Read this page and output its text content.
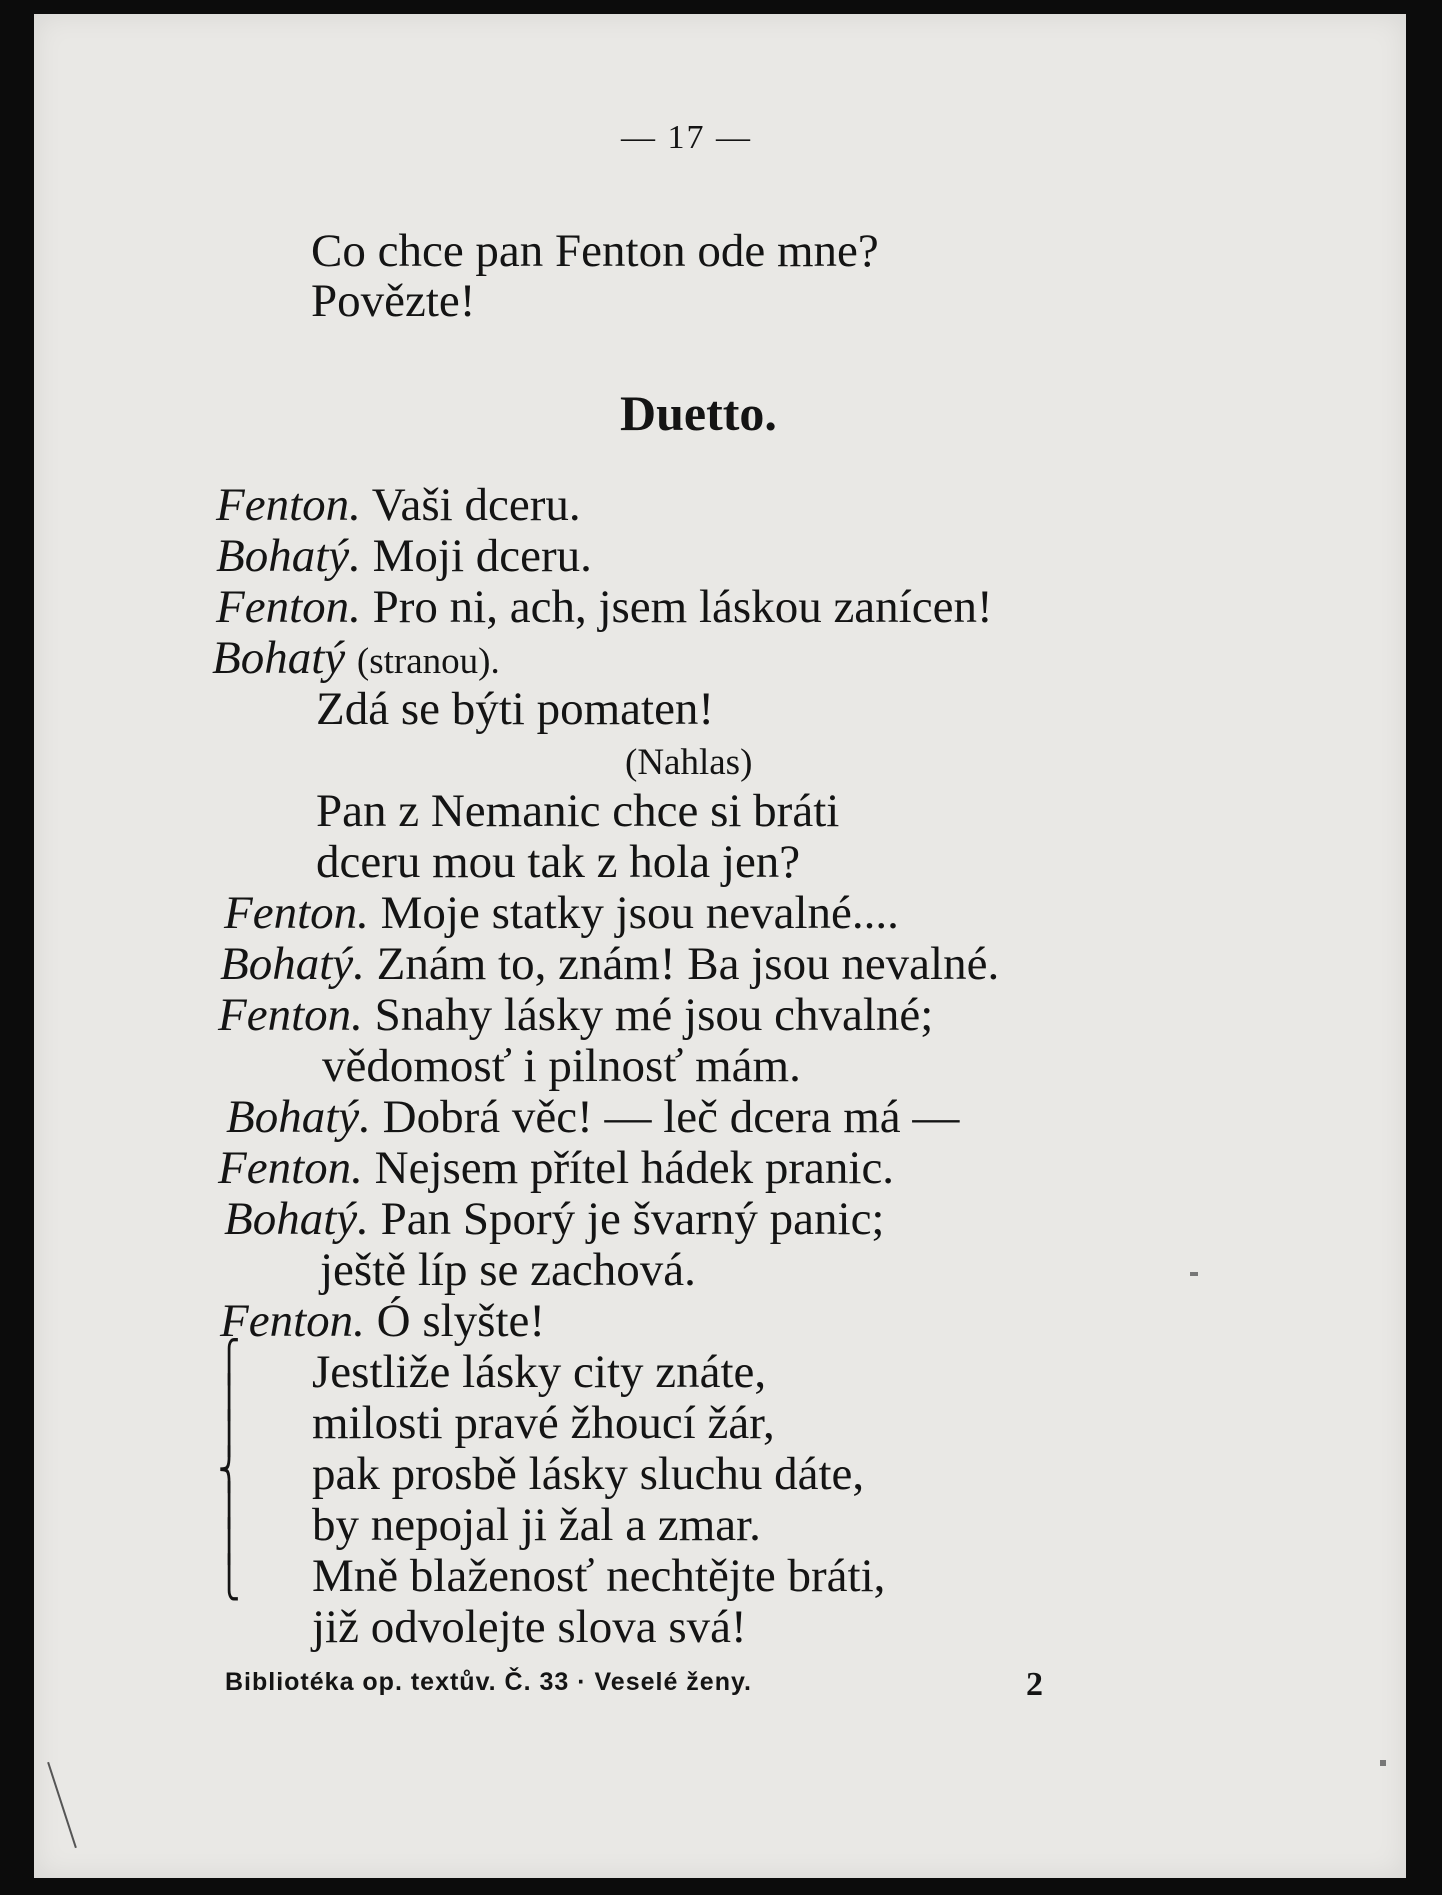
— 17 —
Co chce pan Fenton ode mne?
Povězte!
Duetto.
Fenton. Vaši dceru.
Bohatý. Moji dceru.
Fenton. Pro ni, ach, jsem láskou zanícen!
Bohatý (stranou).
Zdá se býti pomaten!
(Nahlas)
Pan z Nemanic chce si bráti
dceru mou tak z hola jen?
Fenton. Moje statky jsou nevalné....
Bohatý. Znám to, znám! Ba jsou nevalné.
Fenton. Snahy lásky mé jsou chvalné;
vědomosť i pilnosť mám.
Bohatý. Dobrá věc! — leč dcera má —
Fenton. Nejsem přítel hádek pranic.
Bohatý. Pan Sporý je švarný panic;
ještě líp se zachová.
Fenton. Ó slyšte!
⎧
⎪
⎪
⎨
⎪
⎪
⎩
Jestliže lásky city znáte,
milosti pravé žhoucí žár,
pak prosbě lásky sluchu dáte,
by nepojal ji žal a zmar.
Mně blaženosť nechtějte bráti,
již odvolejte slova svá!
Bibliotéka op. textův. Č. 33 · Veselé ženy.	2
